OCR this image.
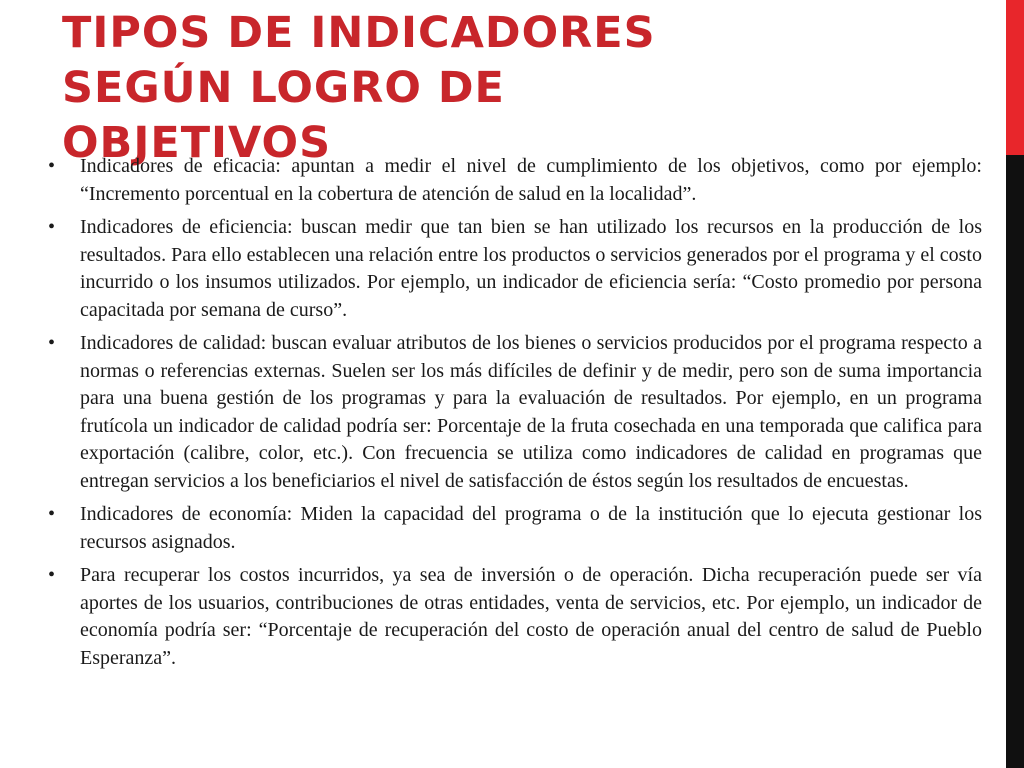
TIPOS DE INDICADORES
SEGÚN LOGRO DE
OBJETIVOS
• Indicadores de eficacia: apuntan a medir el nivel de cumplimiento de los objetivos, como por ejemplo: “Incremento porcentual en la cobertura de atención de salud en la localidad”.
• Indicadores de eficiencia: buscan medir que tan bien se han utilizado los recursos en la producción de los resultados. Para ello establecen una relación entre los productos o servicios generados por el programa y el costo incurrido o los insumos utilizados. Por ejemplo, un indicador de eficiencia sería: “Costo promedio por persona capacitada por semana de curso”.
• Indicadores de calidad: buscan evaluar atributos de los bienes o servicios producidos por el programa respecto a normas o referencias externas. Suelen ser los más difíciles de definir y de medir, pero son de suma importancia para una buena gestión de los programas y para la evaluación de resultados. Por ejemplo, en un programa frutícola un indicador de calidad podría ser: Porcentaje de la fruta cosechada en una temporada que califica para exportación (calibre, color, etc.). Con frecuencia se utiliza como indicadores de calidad en programas que entregan servicios a los beneficiarios el nivel de satisfacción de éstos según los resultados de encuestas.
• Indicadores de economía: Miden la capacidad del programa o de la institución que lo ejecuta gestionar los recursos asignados.
• Para recuperar los costos incurridos, ya sea de inversión o de operación. Dicha recuperación puede ser vía aportes de los usuarios, contribuciones de otras entidades, venta de servicios, etc. Por ejemplo, un indicador de economía podría ser: “Porcentaje de recuperación del costo de operación anual del centro de salud de Pueblo Esperanza”.
